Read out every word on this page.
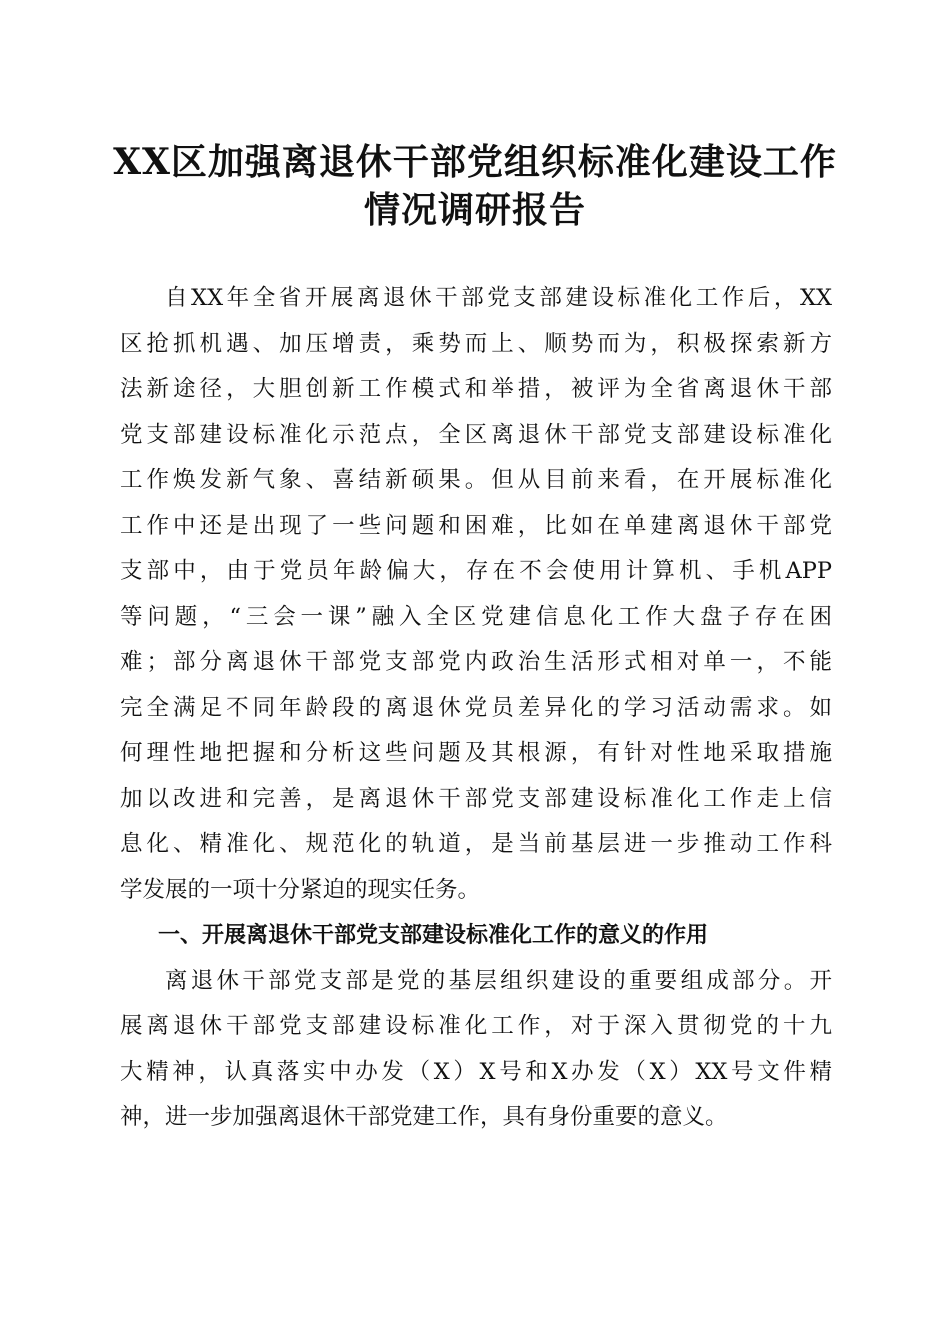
XX区加强离退休干部党组织标准化建设工作
情况调研报告

自XX年全省开展离退休干部党支部建设标准化工作后，XX
区抢抓机遇、加压增责，乘势而上、顺势而为，积极探索新方
法新途径，大胆创新工作模式和举措，被评为全省离退休干部
党支部建设标准化示范点，全区离退休干部党支部建设标准化
工作焕发新气象、喜结新硕果。但从目前来看，在开展标准化
工作中还是出现了一些问题和困难，比如在单建离退休干部党
支部中，由于党员年龄偏大，存在不会使用计算机、手机APP
等问题，“三会一课”融入全区党建信息化工作大盘子存在困
难；部分离退休干部党支部党内政治生活形式相对单一，不能
完全满足不同年龄段的离退休党员差异化的学习活动需求。如
何理性地把握和分析这些问题及其根源，有针对性地采取措施
加以改进和完善，是离退休干部党支部建设标准化工作走上信
息化、精准化、规范化的轨道，是当前基层进一步推动工作科
学发展的一项十分紧迫的现实任务。

一、开展离退休干部党支部建设标准化工作的意义的作用

离退休干部党支部是党的基层组织建设的重要组成部分。开
展离退休干部党支部建设标准化工作，对于深入贯彻党的十九
大精神，认真落实中办发（X）X号和X办发（X）XX号文件精
神，进一步加强离退休干部党建工作，具有身份重要的意义。
